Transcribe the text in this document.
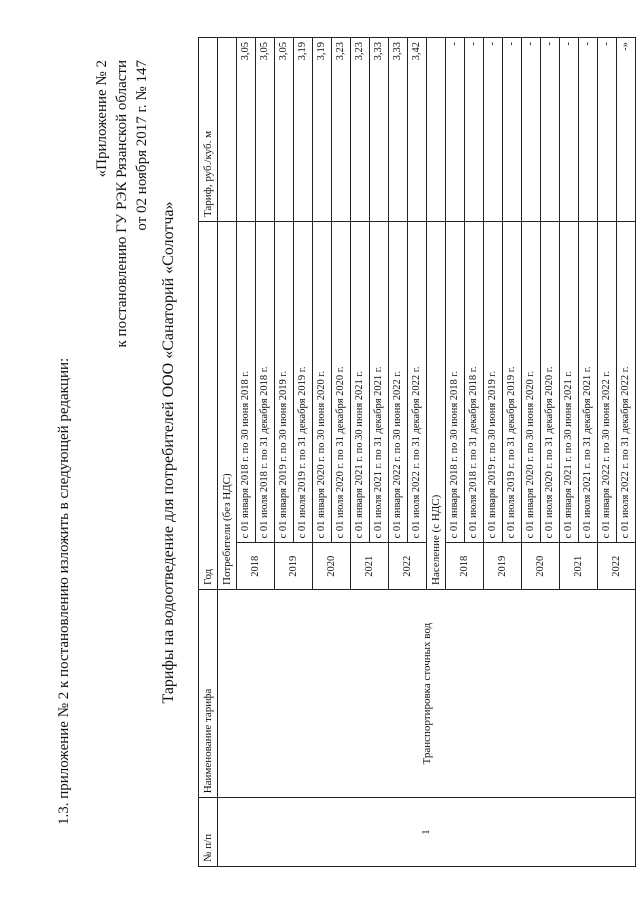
1.3. приложение № 2 к постановлению изложить в следующей редакции:
«Приложение № 2 к постановлению ГУ РЭК Рязанской области от 02 ноября 2017 г. № 147
Тарифы на водоотведение для потребителей ООО «Санаторий «Солотча»
№ п/п	Наименование тарифа	Год		Тариф, руб./куб. м
1	Транспортировка сточных вод	Потребители (без НДС)		
		2018	с 01 января 2018 г. по 30 июня 2018 г.	3,05
			с 01 июля 2018 г. по 31 декабря 2018 г.	3,05
		2019	с 01 января 2019 г. по 30 июня 2019 г.	3,05
			с 01 июля 2019 г. по 31 декабря 2019 г.	3,19
		2020	с 01 января 2020 г. по 30 июня 2020 г.	3,19
			с 01 июля 2020 г. по 31 декабря 2020 г.	3,23
		2021	с 01 января 2021 г. по 30 июня 2021 г.	3,23
			с 01 июля 2021 г. по 31 декабря 2021 г.	3,33
		2022	с 01 января 2022 г. по 30 июня 2022 г.	3,33
			с 01 июля 2022 г. по 31 декабря 2022 г.	3,42
		Население (с НДС)		
		2018	с 01 января 2018 г. по 30 июня 2018 г.	-
			с 01 июля 2018 г. по 31 декабря 2018 г.	-
		2019	с 01 января 2019 г. по 30 июня 2019 г.	-
			с 01 июля 2019 г. по 31 декабря 2019 г.	-
		2020	с 01 января 2020 г. по 30 июня 2020 г.	-
			с 01 июля 2020 г. по 31 декабря 2020 г.	-
		2021	с 01 января 2021 г. по 30 июня 2021 г.	-
			с 01 июля 2021 г. по 31 декабря 2021 г.	-
		2022	с 01 января 2022 г. по 30 июня 2022 г.	-
			с 01 июля 2022 г. по 31 декабря 2022 г.	-»
